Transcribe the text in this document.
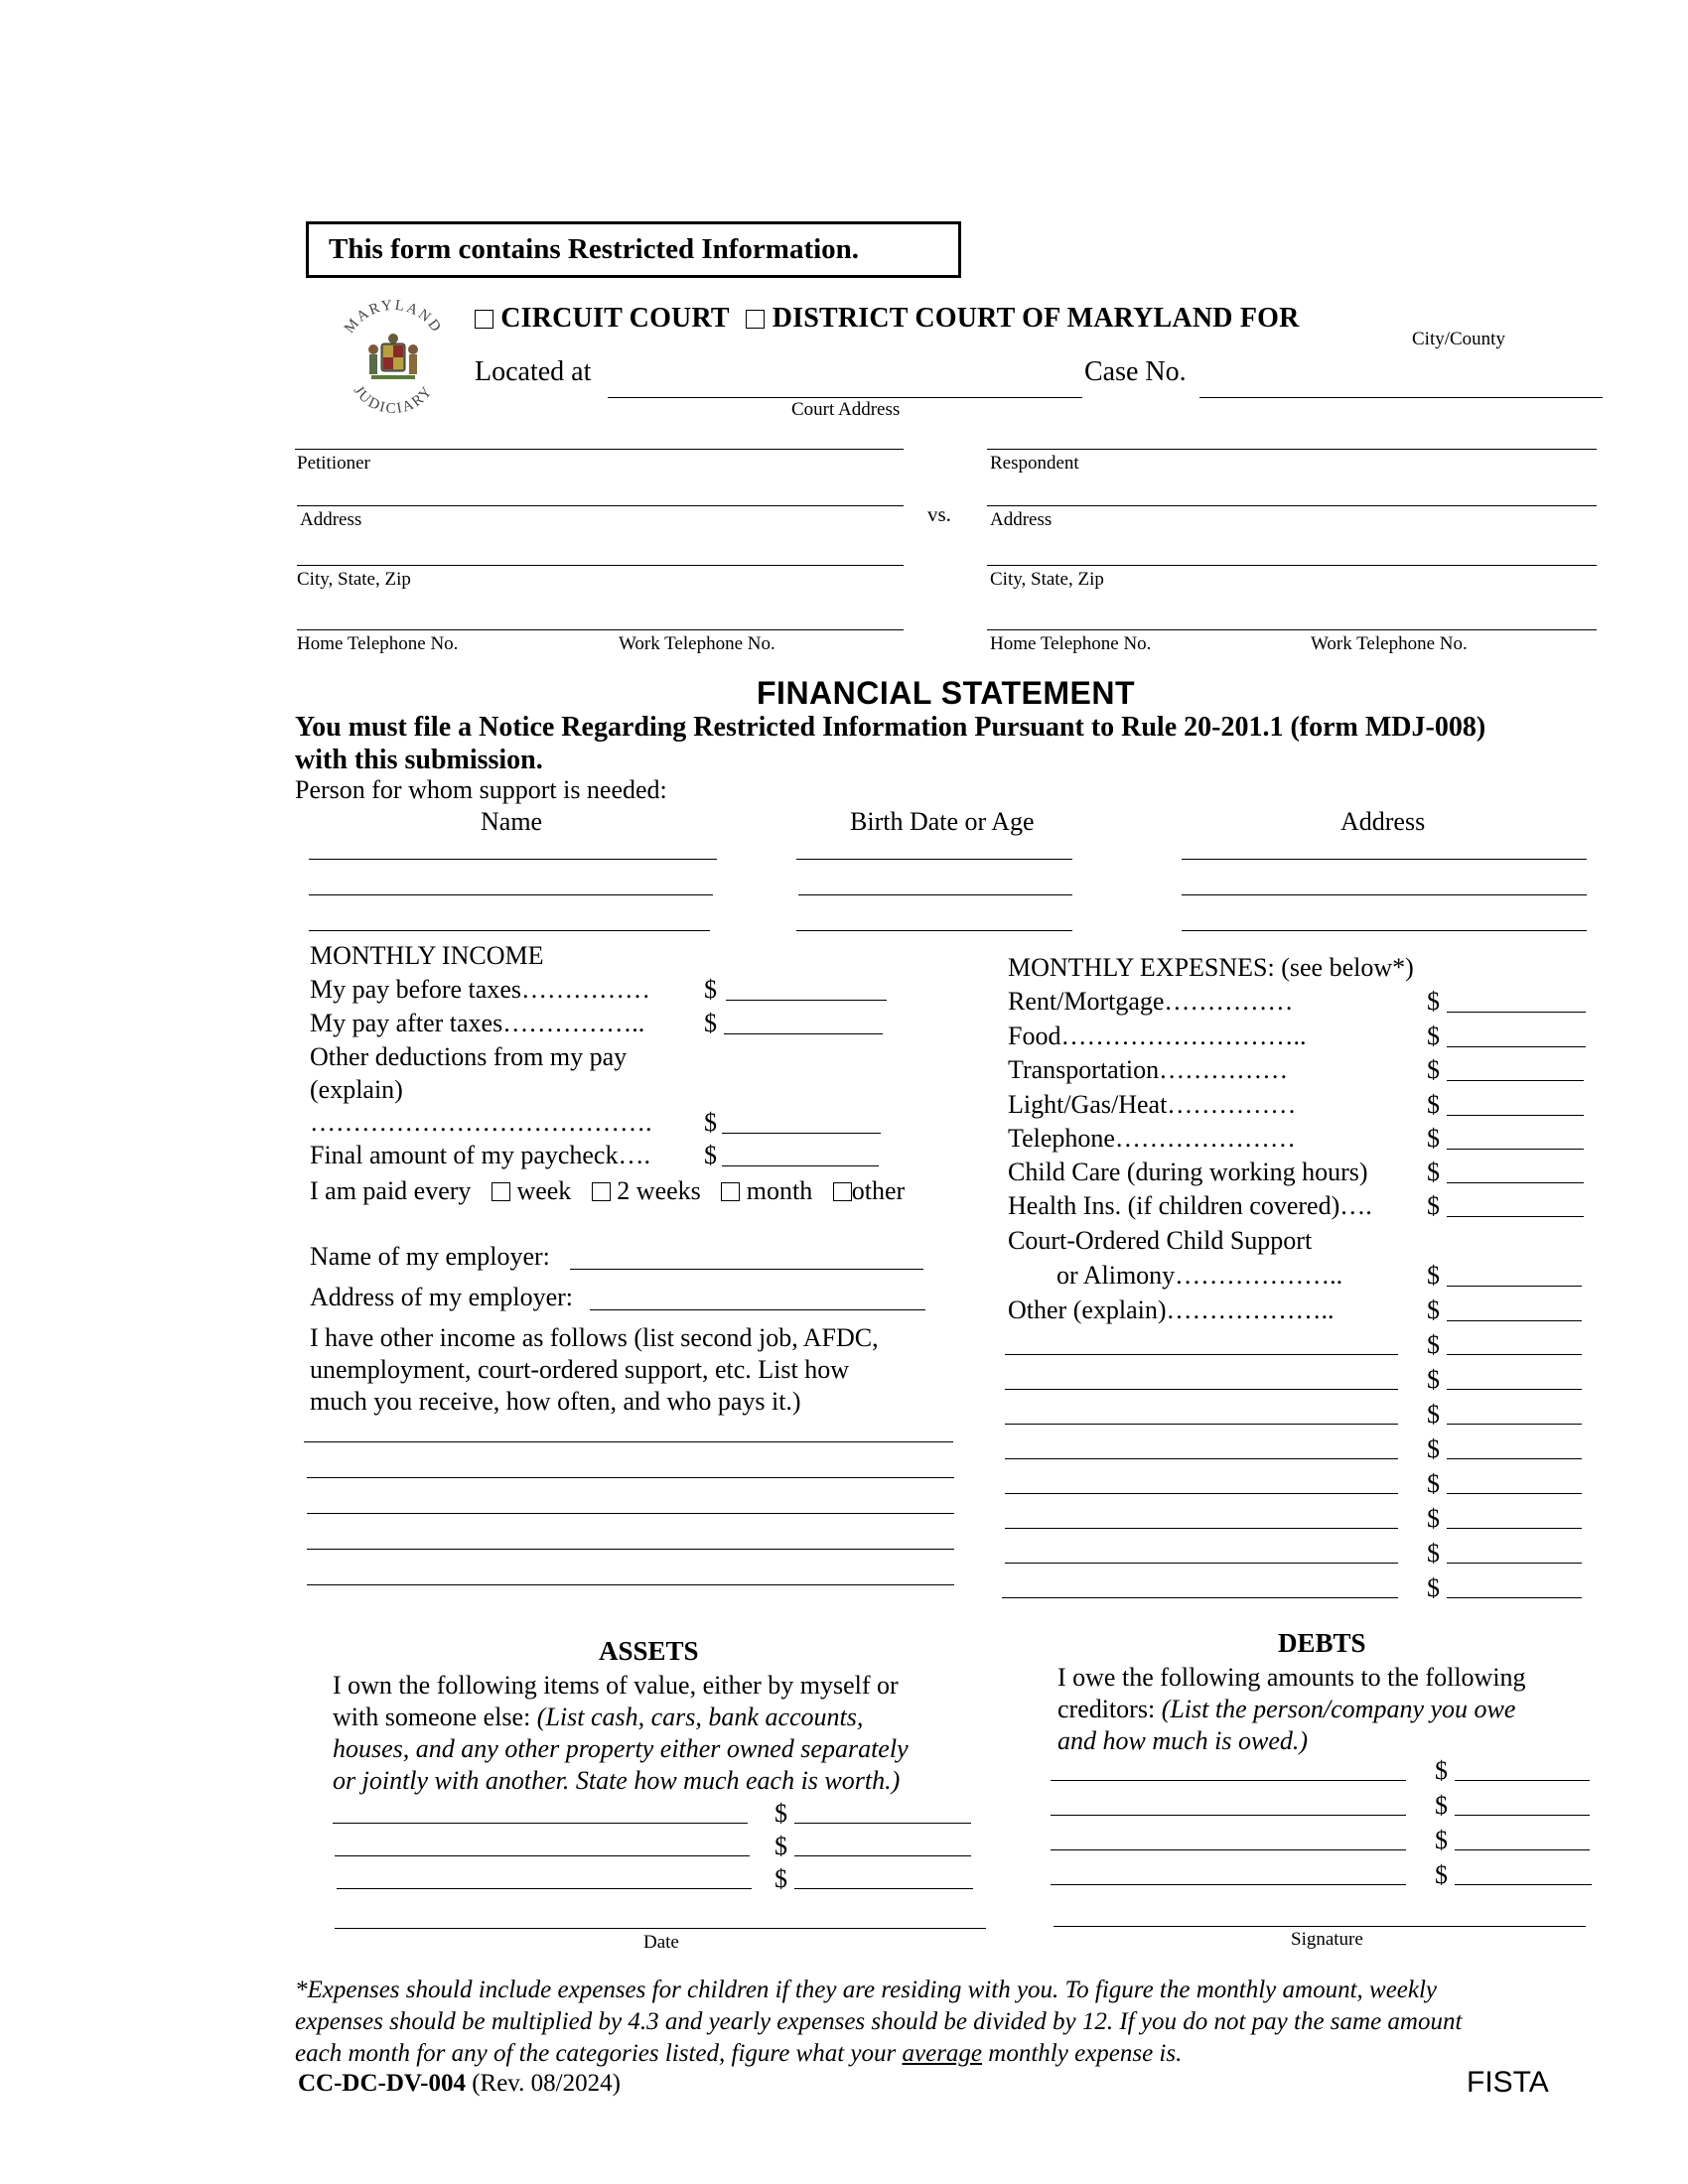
This form contains Restricted Information.
MARYLAND
JUDICIARY
CIRCUIT COURT DISTRICT COURT OF MARYLAND FOR
City/County
Located at	Case No.
Court Address
Petitioner
Address
City, State, Zip
Home Telephone No.	Work Telephone No.
vs.
Respondent
Address
City, State, Zip
Home Telephone No.	Work Telephone No.
FINANCIAL STATEMENT
You must file a Notice Regarding Restricted Information Pursuant to Rule 20-201.1 (form MDJ-008)
with this submission.
Person for whom support is needed:
Name	Birth Date or Age	Address
MONTHLY INCOME
My pay before taxes…………… $
My pay after taxes…………….. $
Other deductions from my pay
(explain)
…………………………………. $
Final amount of my paycheck…. $
I am paid every week 2 weeks month other
Name of my employer:
Address of my employer:
I have other income as follows (list second job, AFDC,
unemployment, court-ordered support, etc. List how
much you receive, how often, and who pays it.)
MONTHLY EXPESNES: (see below*)
Rent/Mortgage……………	$
Food………………………..	$
Transportation……………	$
Light/Gas/Heat……………	$
Telephone…………………	$
Child Care (during working hours) $
Health Ins. (if children covered)…. $
Court-Ordered Child Support
or Alimony………………..	$
Other (explain)………………..	$
$
$
$
$
$
$
$
$
ASSETS
I own the following items of value, either by myself or
with someone else: (List cash, cars, bank accounts,
houses, and any other property either owned separately
or jointly with another. State how much each is worth.)
$
$
$
DEBTS
I owe the following amounts to the following
creditors: (List the person/company you owe
and how much is owed.)
$
$
$
$
Date	Signature
*Expenses should include expenses for children if they are residing with you. To figure the monthly amount, weekly
expenses should be multiplied by 4.3 and yearly expenses should be divided by 12. If you do not pay the same amount
each month for any of the categories listed, figure what your average monthly expense is.
CC-DC-DV-004 (Rev. 08/2024)	FISTA
